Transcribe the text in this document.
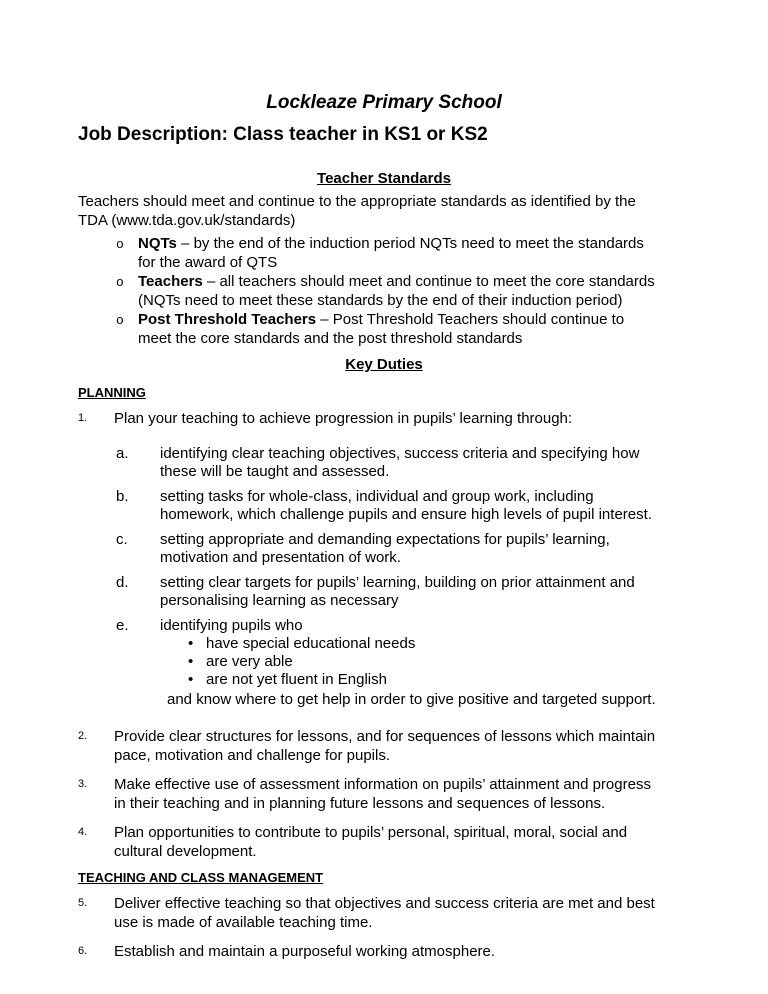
Lockleaze Primary School
Job Description: Class teacher in KS1 or KS2
Teacher Standards
Teachers should meet and continue to the appropriate standards as identified by the
TDA (www.tda.gov.uk/standards)
o NQTs – by the end of the induction period NQTs need to meet the standards
for the award of QTS
o Teachers – all teachers should meet and continue to meet the core standards
(NQTs need to meet these standards by the end of their induction period)
o Post Threshold Teachers – Post Threshold Teachers should continue to
meet the core standards and the post threshold standards
Key Duties
PLANNING
1. Plan your teaching to achieve progression in pupils’ learning through:
a. identifying clear teaching objectives, success criteria and specifying how
these will be taught and assessed.
b. setting tasks for whole-class, individual and group work, including
homework, which challenge pupils and ensure high levels of pupil interest.
c. setting appropriate and demanding expectations for pupils’ learning,
motivation and presentation of work.
d. setting clear targets for pupils’ learning, building on prior attainment and
personalising learning as necessary
e. identifying pupils who
• have special educational needs
• are very able
• are not yet fluent in English
and know where to get help in order to give positive and targeted support.
2. Provide clear structures for lessons, and for sequences of lessons which maintain
pace, motivation and challenge for pupils.
3. Make effective use of assessment information on pupils’ attainment and progress
in their teaching and in planning future lessons and sequences of lessons.
4. Plan opportunities to contribute to pupils’ personal, spiritual, moral, social and
cultural development.
TEACHING AND CLASS MANAGEMENT
5. Deliver effective teaching so that objectives and success criteria are met and best
use is made of available teaching time.
6. Establish and maintain a purposeful working atmosphere.
